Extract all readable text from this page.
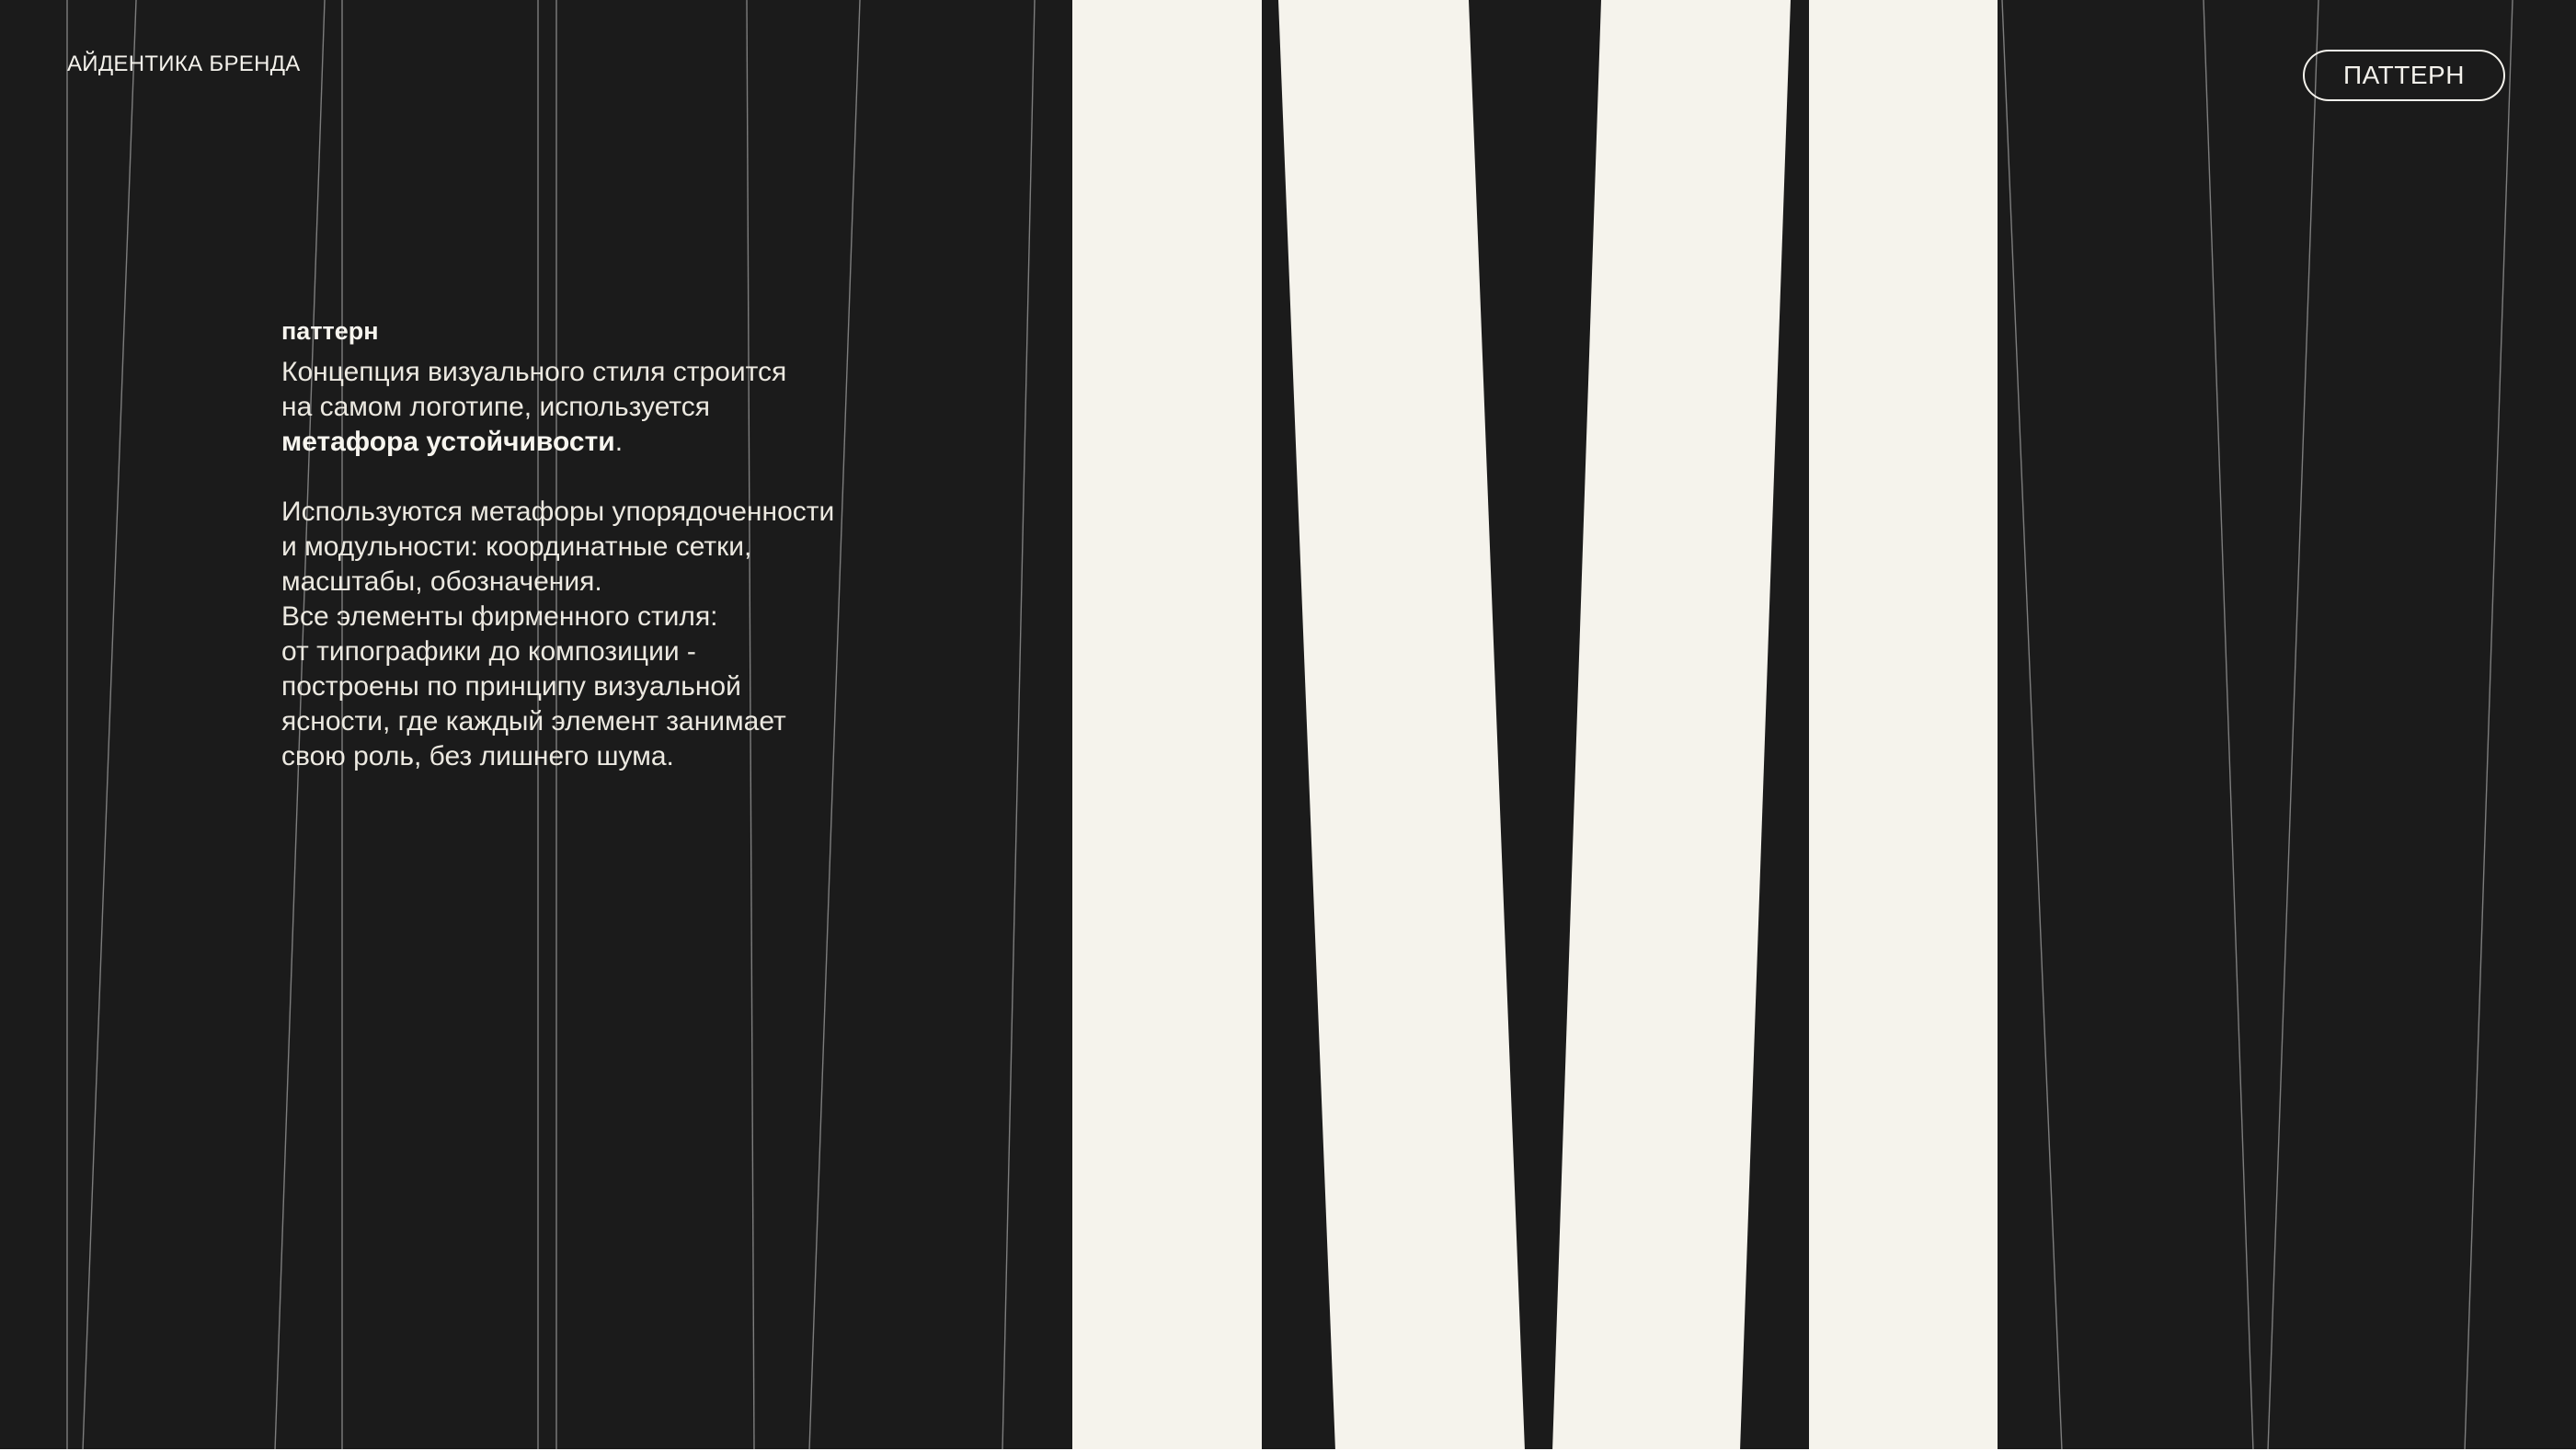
АЙДЕНТИКА БРЕНДА	ПАТТЕРН
паттерн

Концепция визуального стиля строится
на самом логотипе, используется
метафора устойчивости.

Используются метафоры упорядоченности
и модульности: координатные сетки,
масштабы, обозначения.
Все элементы фирменного стиля:
от типографики до композиции -
построены по принципу визуальной
ясности, где каждый элемент занимает
свою роль, без лишнего шума.
